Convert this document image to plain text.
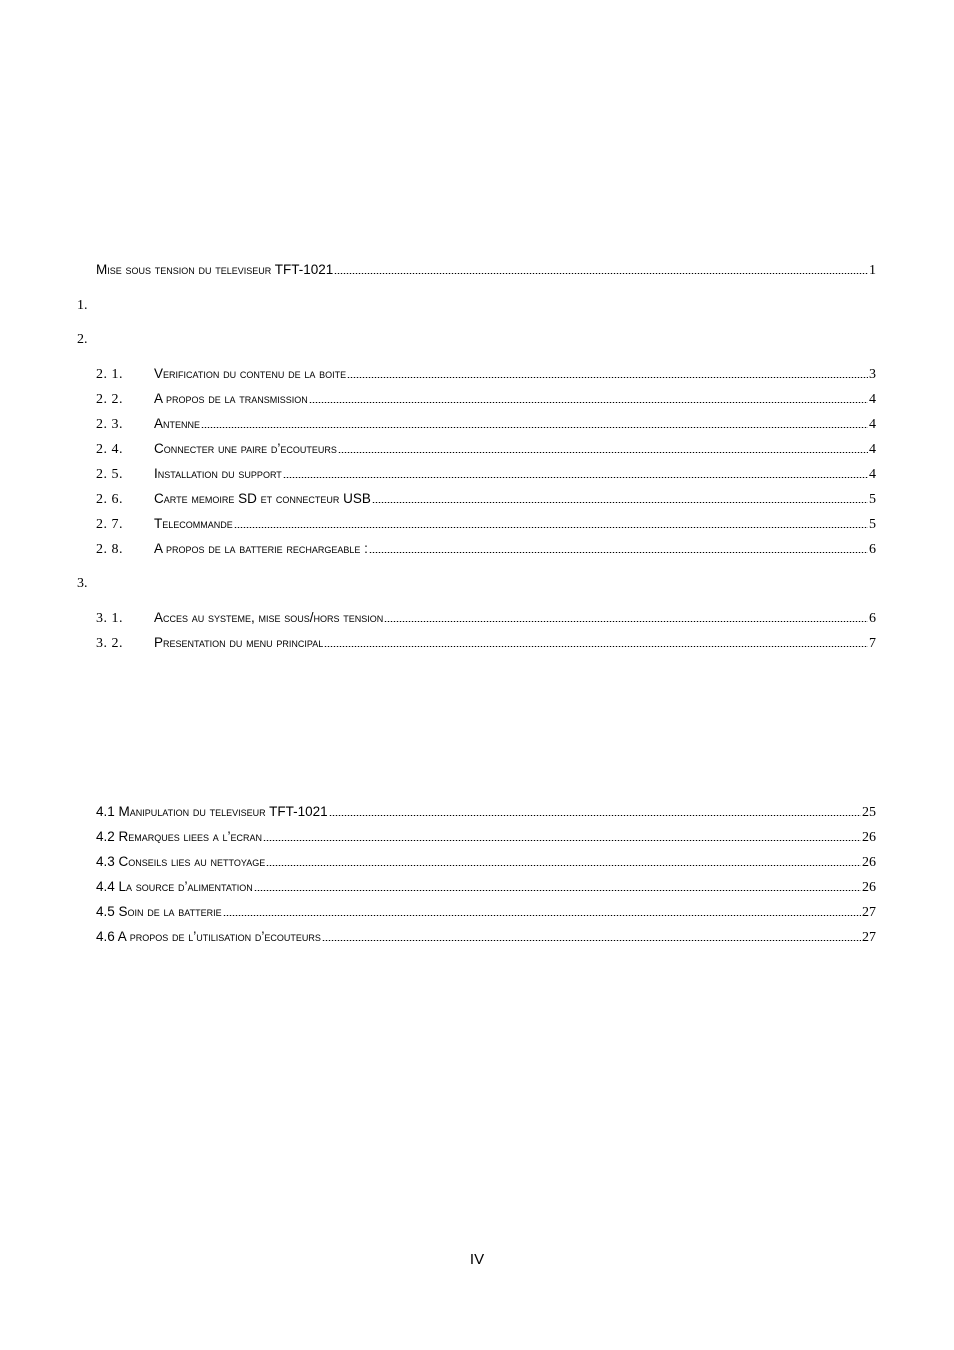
Mise sous tension du televiseur TFT-1021	1
1.
2.
2. 1.	Verification du contenu de la boite	3
2. 2.	A propos de la transmission	4
2. 3.	Antenne	4
2. 4.	Connecter une paire d’ecouteurs	4
2. 5.	Installation du support	4
2. 6.	Carte memoire SD et connecteur USB	5
2. 7.	Telecommande	5
2. 8.	A propos de la batterie rechargeable :	6
3.
3. 1.	Acces au systeme, mise sous/hors tension	6
3. 2.	Presentation du menu principal	7
4.1 Manipulation du televiseur TFT-1021	25
4.2 Remarques liees a l’ecran	26
4.3 Conseils lies au nettoyage	26
4.4 La source d’alimentation	26
4.5 Soin de la batterie	27
4.6 A propos de l’utilisation d’ecouteurs	27
IV
